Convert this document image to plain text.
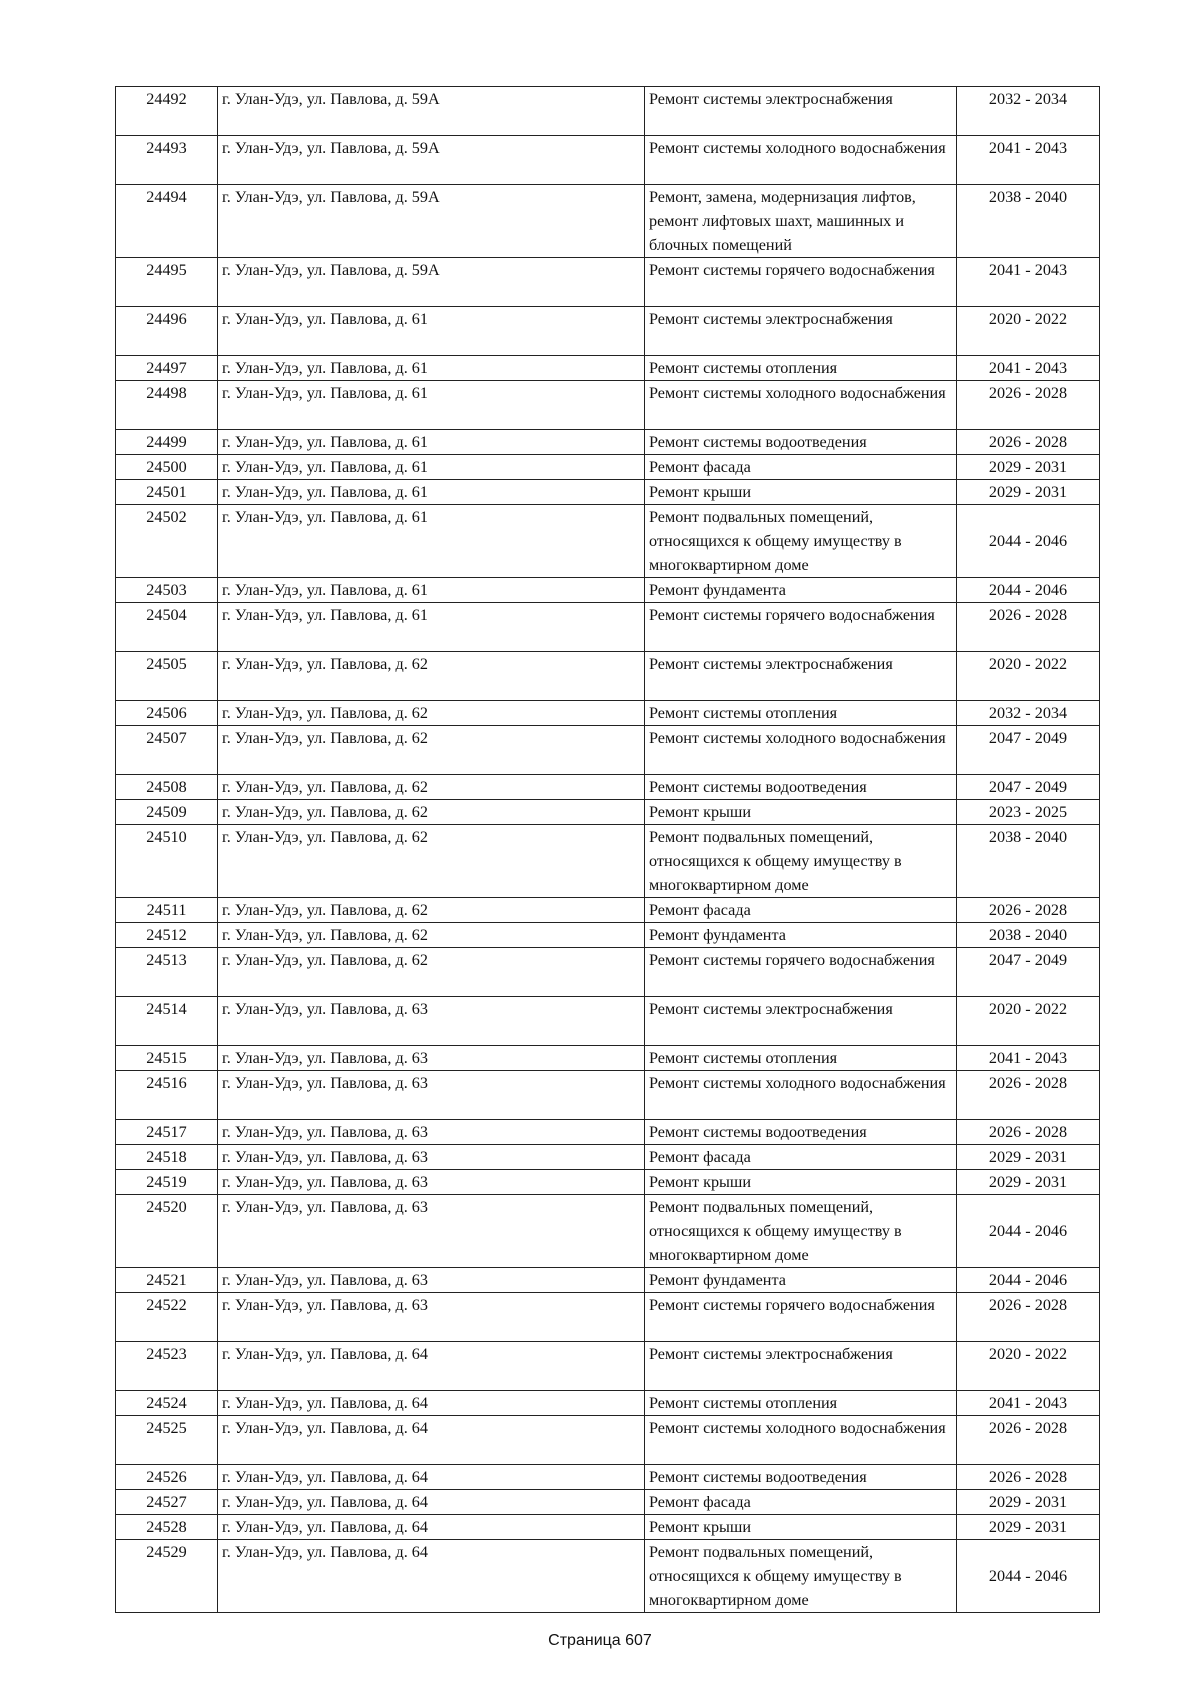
24492	г. Улан-Удэ, ул. Павлова, д. 59А	Ремонт системы электроснабжения	2032 - 2034
24493	г. Улан-Удэ, ул. Павлова, д. 59А	Ремонт системы холодного водоснабжения	2041 - 2043
24494	г. Улан-Удэ, ул. Павлова, д. 59А	Ремонт, замена, модернизация лифтов, ремонт лифтовых шахт, машинных и блочных помещений	2038 - 2040
24495	г. Улан-Удэ, ул. Павлова, д. 59А	Ремонт системы горячего водоснабжения	2041 - 2043
24496	г. Улан-Удэ, ул. Павлова, д. 61	Ремонт системы электроснабжения	2020 - 2022
24497	г. Улан-Удэ, ул. Павлова, д. 61	Ремонт системы отопления	2041 - 2043
24498	г. Улан-Удэ, ул. Павлова, д. 61	Ремонт системы холодного водоснабжения	2026 - 2028
24499	г. Улан-Удэ, ул. Павлова, д. 61	Ремонт системы водоотведения	2026 - 2028
24500	г. Улан-Удэ, ул. Павлова, д. 61	Ремонт фасада	2029 - 2031
24501	г. Улан-Удэ, ул. Павлова, д. 61	Ремонт крыши	2029 - 2031
24502	г. Улан-Удэ, ул. Павлова, д. 61	Ремонт подвальных помещений, относящихся к общему имуществу в многоквартирном доме	2044 - 2046
24503	г. Улан-Удэ, ул. Павлова, д. 61	Ремонт фундамента	2044 - 2046
24504	г. Улан-Удэ, ул. Павлова, д. 61	Ремонт системы горячего водоснабжения	2026 - 2028
24505	г. Улан-Удэ, ул. Павлова, д. 62	Ремонт системы электроснабжения	2020 - 2022
24506	г. Улан-Удэ, ул. Павлова, д. 62	Ремонт системы отопления	2032 - 2034
24507	г. Улан-Удэ, ул. Павлова, д. 62	Ремонт системы холодного водоснабжения	2047 - 2049
24508	г. Улан-Удэ, ул. Павлова, д. 62	Ремонт системы водоотведения	2047 - 2049
24509	г. Улан-Удэ, ул. Павлова, д. 62	Ремонт крыши	2023 - 2025
24510	г. Улан-Удэ, ул. Павлова, д. 62	Ремонт подвальных помещений, относящихся к общему имуществу в многоквартирном доме	2038 - 2040
24511	г. Улан-Удэ, ул. Павлова, д. 62	Ремонт фасада	2026 - 2028
24512	г. Улан-Удэ, ул. Павлова, д. 62	Ремонт фундамента	2038 - 2040
24513	г. Улан-Удэ, ул. Павлова, д. 62	Ремонт системы горячего водоснабжения	2047 - 2049
24514	г. Улан-Удэ, ул. Павлова, д. 63	Ремонт системы электроснабжения	2020 - 2022
24515	г. Улан-Удэ, ул. Павлова, д. 63	Ремонт системы отопления	2041 - 2043
24516	г. Улан-Удэ, ул. Павлова, д. 63	Ремонт системы холодного водоснабжения	2026 - 2028
24517	г. Улан-Удэ, ул. Павлова, д. 63	Ремонт системы водоотведения	2026 - 2028
24518	г. Улан-Удэ, ул. Павлова, д. 63	Ремонт фасада	2029 - 2031
24519	г. Улан-Удэ, ул. Павлова, д. 63	Ремонт крыши	2029 - 2031
24520	г. Улан-Удэ, ул. Павлова, д. 63	Ремонт подвальных помещений, относящихся к общему имуществу в многоквартирном доме	2044 - 2046
24521	г. Улан-Удэ, ул. Павлова, д. 63	Ремонт фундамента	2044 - 2046
24522	г. Улан-Удэ, ул. Павлова, д. 63	Ремонт системы горячего водоснабжения	2026 - 2028
24523	г. Улан-Удэ, ул. Павлова, д. 64	Ремонт системы электроснабжения	2020 - 2022
24524	г. Улан-Удэ, ул. Павлова, д. 64	Ремонт системы отопления	2041 - 2043
24525	г. Улан-Удэ, ул. Павлова, д. 64	Ремонт системы холодного водоснабжения	2026 - 2028
24526	г. Улан-Удэ, ул. Павлова, д. 64	Ремонт системы водоотведения	2026 - 2028
24527	г. Улан-Удэ, ул. Павлова, д. 64	Ремонт фасада	2029 - 2031
24528	г. Улан-Удэ, ул. Павлова, д. 64	Ремонт крыши	2029 - 2031
24529	г. Улан-Удэ, ул. Павлова, д. 64	Ремонт подвальных помещений, относящихся к общему имуществу в многоквартирном доме	2044 - 2046
Страница 607
